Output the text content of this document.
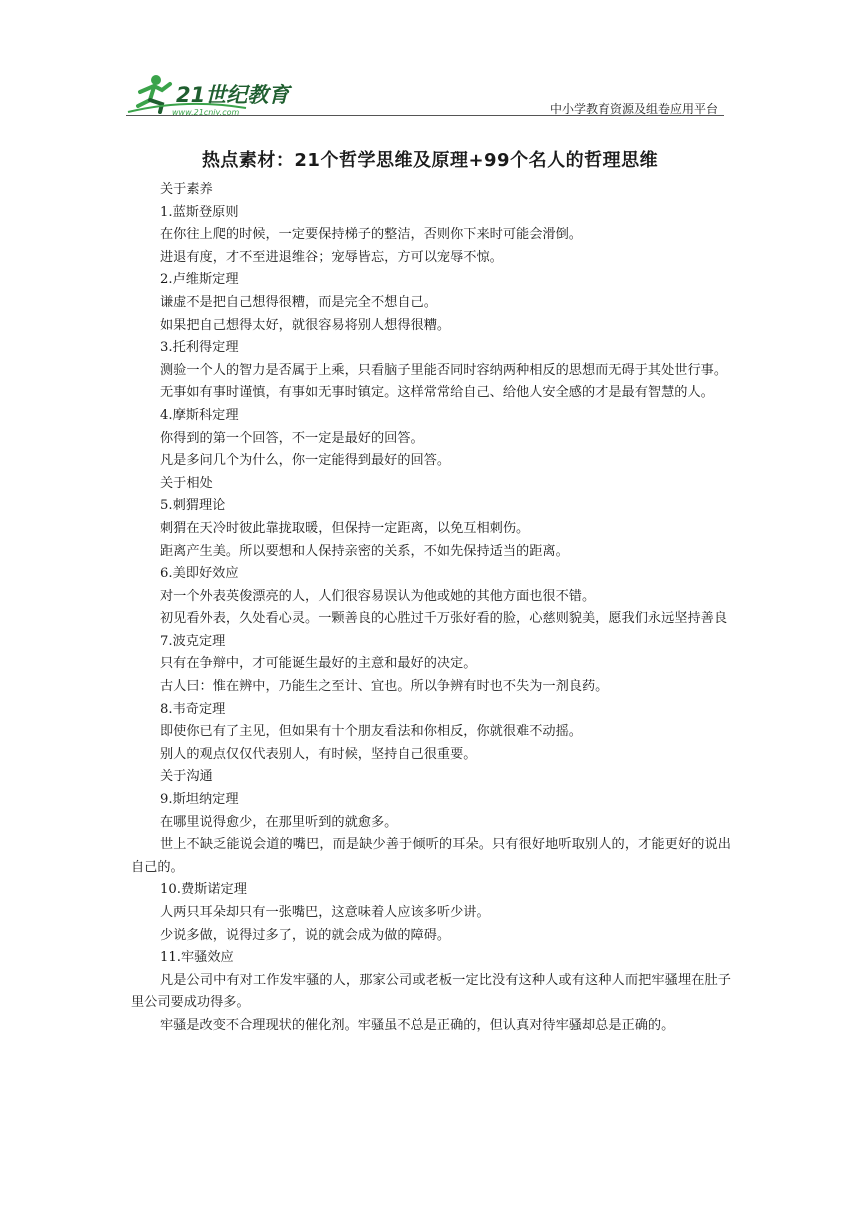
21世纪教育
www.21cnjy.com	中小学教育资源及组卷应用平台
热点素材：21个哲学思维及原理+99个名人的哲理思维
关于素养
1.蓝斯登原则
在你往上爬的时候，一定要保持梯子的整洁，否则你下来时可能会滑倒。
进退有度，才不至进退维谷；宠辱皆忘，方可以宠辱不惊。
2.卢维斯定理
谦虚不是把自己想得很糟，而是完全不想自己。
如果把自己想得太好，就很容易将别人想得很糟。
3.托利得定理
测验一个人的智力是否属于上乘，只看脑子里能否同时容纳两种相反的思想而无碍于其处世行事。
无事如有事时谨慎，有事如无事时镇定。这样常常给自己、给他人安全感的才是最有智慧的人。
4.摩斯科定理
你得到的第一个回答，不一定是最好的回答。
凡是多问几个为什么，你一定能得到最好的回答。
关于相处
5.刺猬理论
刺猬在天冷时彼此靠拢取暖，但保持一定距离，以免互相刺伤。
距离产生美。所以要想和人保持亲密的关系，不如先保持适当的距离。
6.美即好效应
对一个外表英俊漂亮的人，人们很容易误认为他或她的其他方面也很不错。
初见看外表，久处看心灵。一颗善良的心胜过千万张好看的脸，心慈则貌美，愿我们永远坚持善良
7.波克定理
只有在争辩中，才可能诞生最好的主意和最好的决定。
古人曰：惟在辨中，乃能生之至计、宜也。所以争辨有时也不失为一剂良药。
8.韦奇定理
即使你已有了主见，但如果有十个朋友看法和你相反，你就很难不动摇。
别人的观点仅仅代表别人，有时候，坚持自己很重要。
关于沟通
9.斯坦纳定理
在哪里说得愈少，在那里听到的就愈多。
世上不缺乏能说会道的嘴巴，而是缺少善于倾听的耳朵。只有很好地听取别人的，才能更好的说出自己的。
10.费斯诺定理
人两只耳朵却只有一张嘴巴，这意味着人应该多听少讲。
少说多做，说得过多了，说的就会成为做的障碍。
11.牢骚效应
凡是公司中有对工作发牢骚的人，那家公司或老板一定比没有这种人或有这种人而把牢骚埋在肚子里公司要成功得多。
牢骚是改变不合理现状的催化剂。牢骚虽不总是正确的，但认真对待牢骚却总是正确的。
